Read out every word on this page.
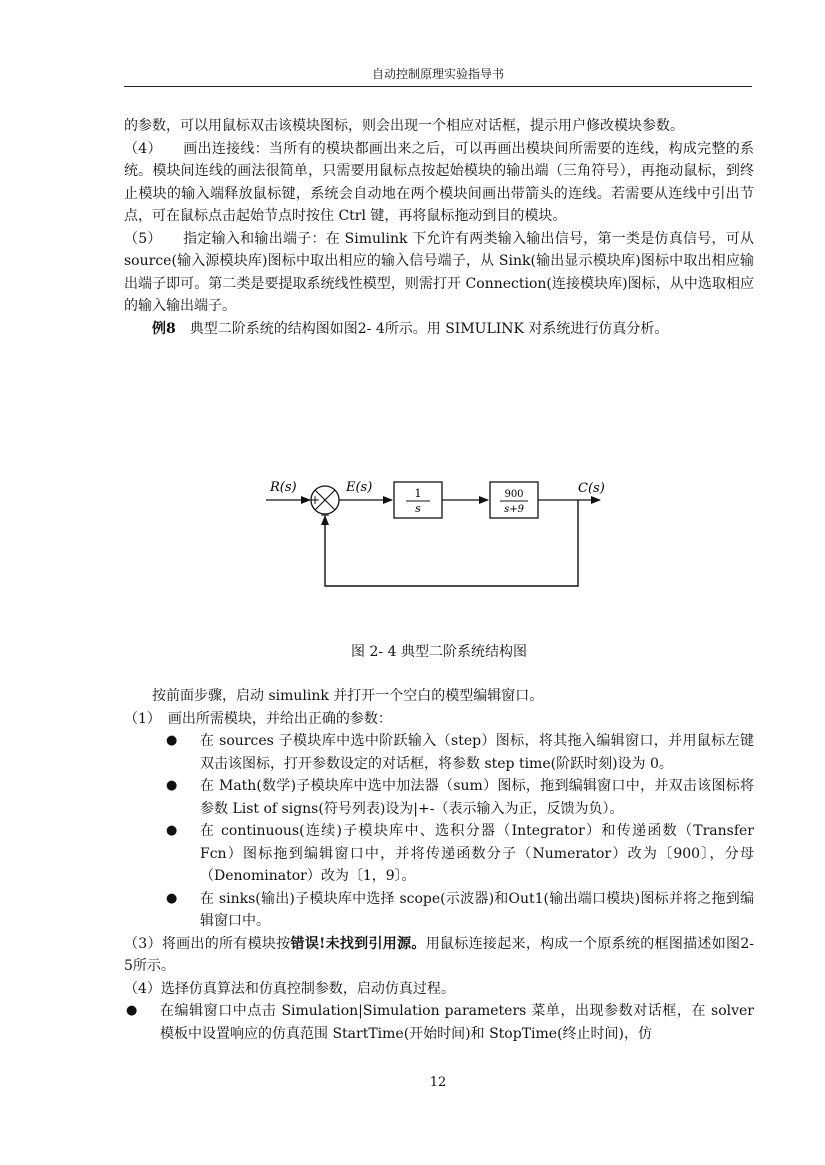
自动控制原理实验指导书

的参数，可以用鼠标双击该模块图标，则会出现一个相应对话框，提示用户修改模块参数。

（4）　　画出连接线：当所有的模块都画出来之后，可以再画出模块间所需要的连线，构成完整的系统。模块间连线的画法很简单，只需要用鼠标点按起始模块的输出端（三角符号），再拖动鼠标，到终止模块的输入端释放鼠标键，系统会自动地在两个模块间画出带箭头的连线。若需要从连线中引出节点，可在鼠标点击起始节点时按住 Ctrl 键，再将鼠标拖动到目的模块。

（5）　　指定输入和输出端子：在 Simulink 下允许有两类输入输出信号，第一类是仿真信号，可从 source(输入源模块库)图标中取出相应的输入信号端子，从 Sink(输出显示模块库)图标中取出相应输出端子即可。第二类是要提取系统线性模型，则需打开 Connection(连接模块库)图标，从中选取相应的输入输出端子。

例8　典型二阶系统的结构图如图2- 4所示。用 SIMULINK 对系统进行仿真分析。

+
−
1
s
900
s+9
R(s)	E(s)	C(s)
图 2- 4 典型二阶系统结构图

按前面步骤，启动 simulink 并打开一个空白的模型编辑窗口。

（1）　画出所需模块，并给出正确的参数：

● 在 sources 子模块库中选中阶跃输入（step）图标，将其拖入编辑窗口，并用鼠标左键双击该图标，打开参数设定的对话框，将参数 step time(阶跃时刻)设为 0。
● 在 Math(数学)子模块库中选中加法器（sum）图标，拖到编辑窗口中，并双击该图标将参数 List of signs(符号列表)设为|+-（表示输入为正，反馈为负）。
● 在 continuous(连续)子模块库中、选积分器（Integrator）和传递函数（Transfer Fcn）图标拖到编辑窗口中，并将传递函数分子（Numerator）改为〔900〕，分母（Denominator）改为〔1，9〕。
● 在 sinks(输出)子模块库中选择 scope(示波器)和Out1(输出端口模块)图标并将之拖到编辑窗口中。

（3）将画出的所有模块按错误!未找到引用源。用鼠标连接起来，构成一个原系统的框图描述如图2- 5所示。

（4）选择仿真算法和仿真控制参数，启动仿真过程。

● 在编辑窗口中点击 Simulation|Simulation parameters 菜单，出现参数对话框，在 solver 模板中设置响应的仿真范围 StartTime(开始时间)和 StopTime(终止时间)，仿

12
